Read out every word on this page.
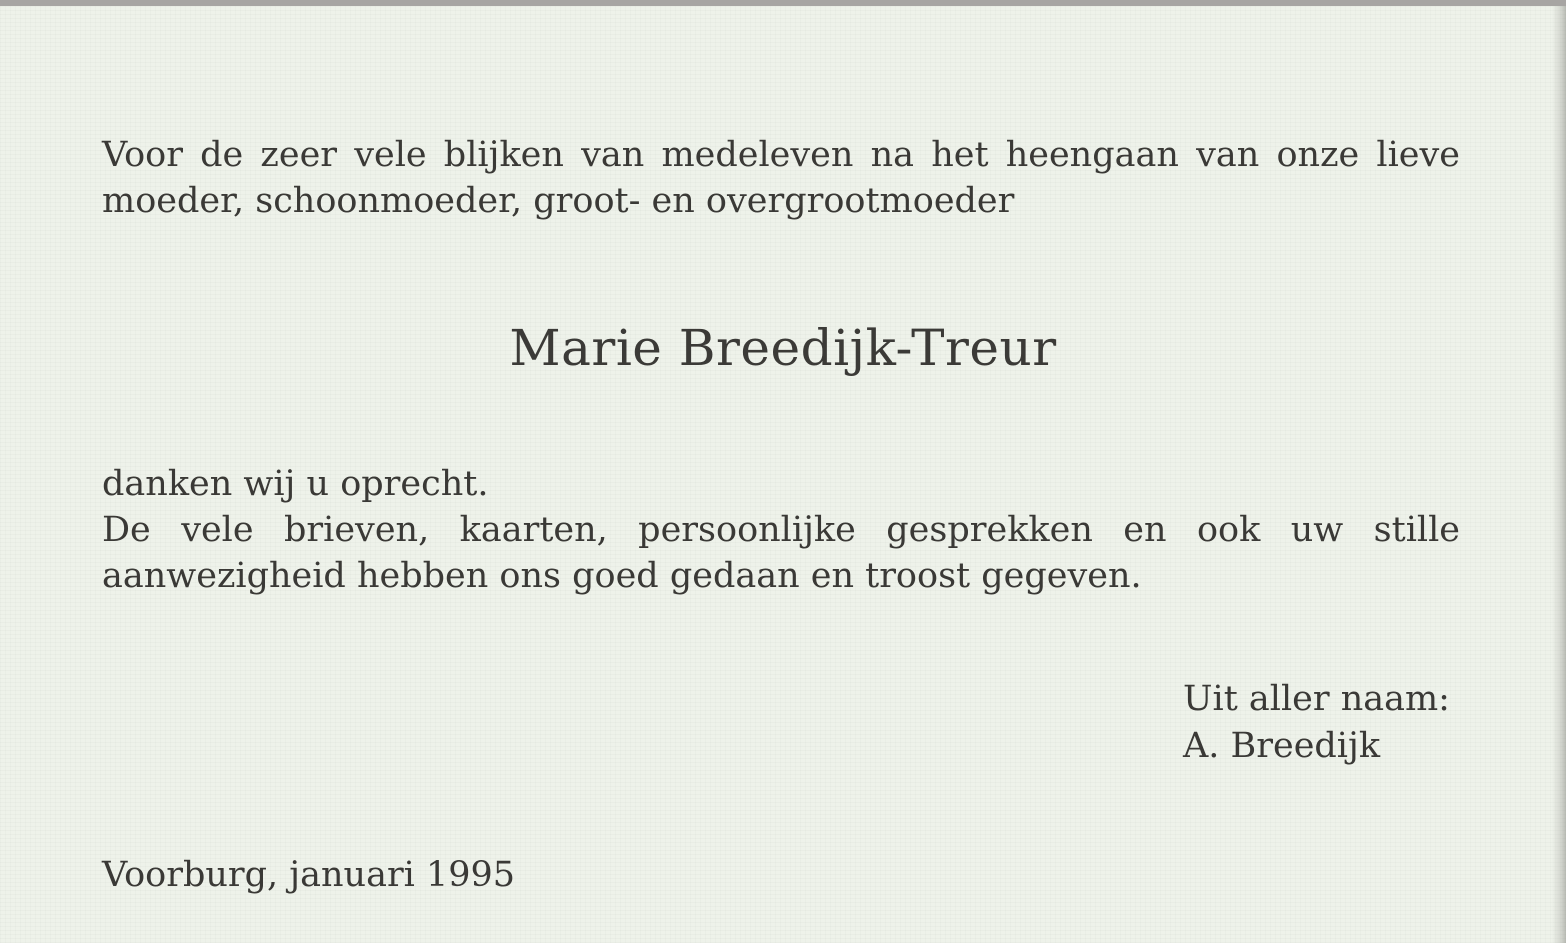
Voor de zeer vele blijken van medeleven na het heengaan van onze lieve
moeder, schoonmoeder, groot- en overgrootmoeder
Marie Breedijk-Treur
danken wij u oprecht.
De vele brieven, kaarten, persoonlijke gesprekken en ook uw stille
aanwezigheid hebben ons goed gedaan en troost gegeven.
Uit aller naam:
A. Breedijk
Voorburg, januari 1995
